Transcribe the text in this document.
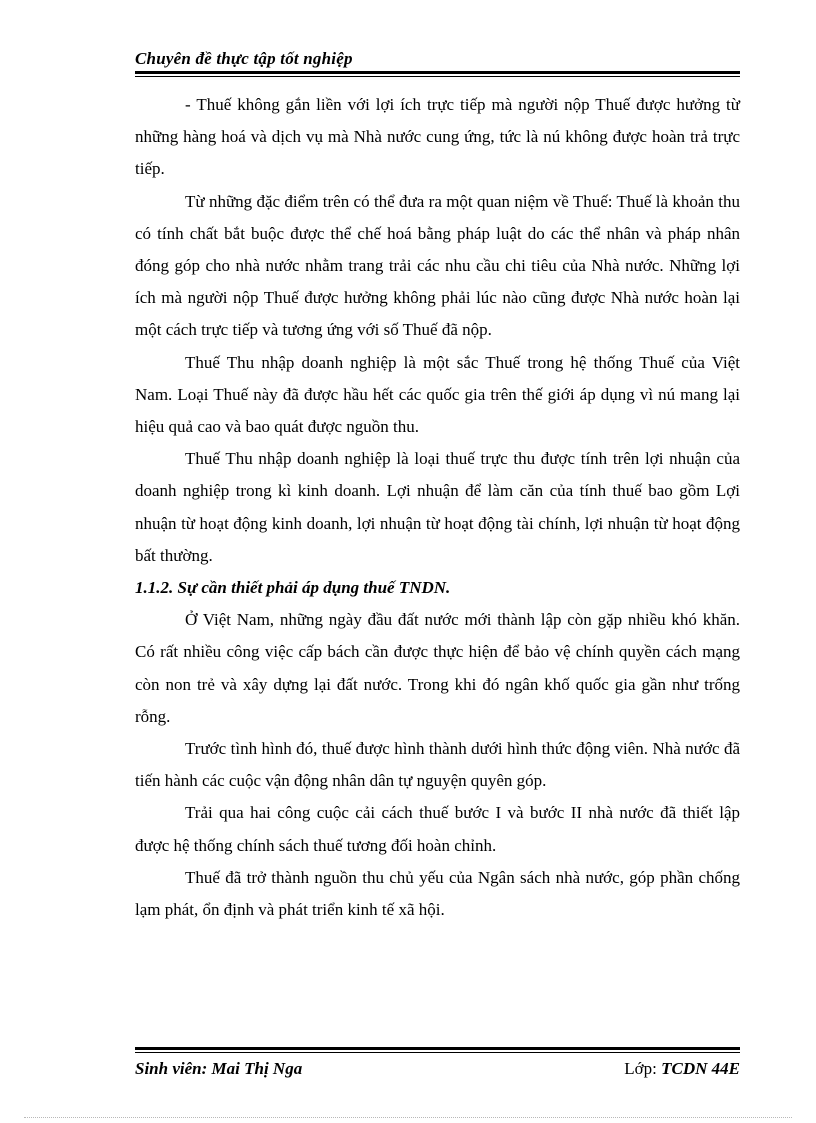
Chuyên đề thực tập tốt nghiệp

- Thuế không gắn liền với lợi ích trực tiếp mà người nộp Thuế được hưởng từ những hàng hoá và dịch vụ mà Nhà nước cung ứng, tức là nú không được hoàn trả trực tiếp.

Từ những đặc điểm trên có thể đưa ra một quan niệm về Thuế: Thuế là khoản thu có tính chất bắt buộc được thể chế hoá bằng pháp luật do các thể nhân và pháp nhân đóng góp cho nhà nước nhằm trang trải các nhu cầu chi tiêu của Nhà nước. Những lợi ích mà người nộp Thuế được hưởng không phải lúc nào cũng được Nhà nước hoàn lại một cách trực tiếp và tương ứng với số Thuế đã nộp.

Thuế Thu nhập doanh nghiệp là một sắc Thuế trong hệ thống Thuế của Việt Nam. Loại Thuế này đã được hầu hết các quốc gia trên thế giới áp dụng vì nú mang lại hiệu quả cao và bao quát được nguồn thu.

Thuế Thu nhập doanh nghiệp là loại thuế trực thu được tính trên lợi nhuận của doanh nghiệp trong kì kinh doanh. Lợi nhuận để làm căn của tính thuế bao gồm Lợi nhuận từ hoạt động kinh doanh, lợi nhuận từ hoạt động tài chính, lợi nhuận từ hoạt động bất thường.

1.1.2. Sự cần thiết phải áp dụng thuế TNDN.

Ở Việt Nam, những ngày đầu đất nước mới thành lập còn gặp nhiều khó khăn. Có rất nhiều công việc cấp bách cần được thực hiện để bảo vệ chính quyền cách mạng còn non trẻ và xây dựng lại đất nước. Trong khi đó ngân khố quốc gia gần như trống rỗng.

Trước tình hình đó, thuế được hình thành dưới hình thức động viên. Nhà nước đã tiến hành các cuộc vận động nhân dân tự nguyện quyên góp.

Trải qua hai công cuộc cải cách thuế bước I và bước II nhà nước đã thiết lập được hệ thống chính sách thuế tương đối hoàn chỉnh.

Thuế đã trở thành nguồn thu chủ yếu của Ngân sách nhà nước, góp phần chống lạm phát, ổn định và phát triển kinh tế xã hội.

Sinh viên: Mai Thị Nga	Lớp: TCDN 44E
